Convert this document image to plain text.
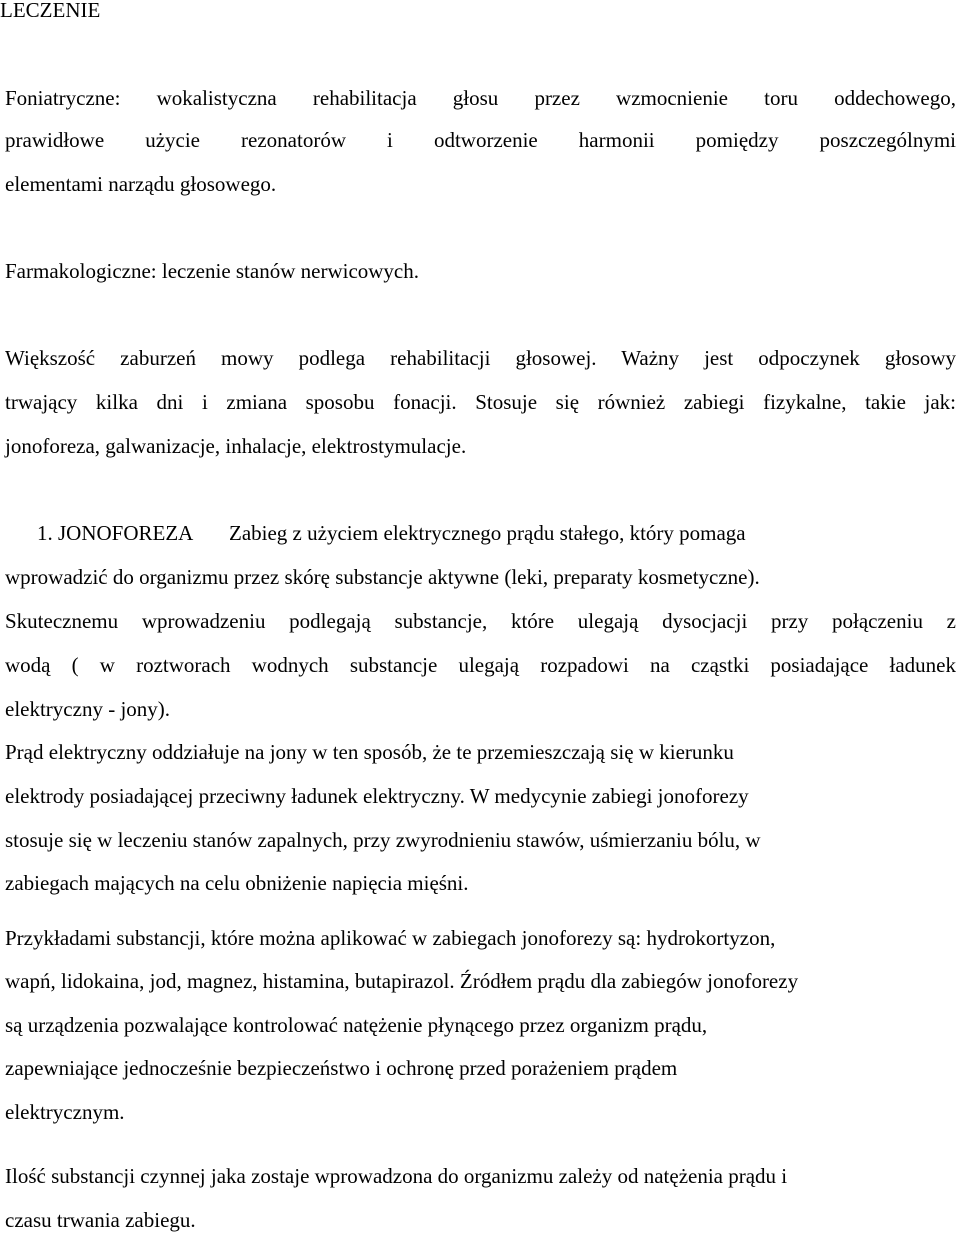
LECZENIE

Foniatryczne: wokalistyczna rehabilitacja głosu przez wzmocnienie toru oddechowego,

prawidłowe użycie rezonatorów i odtworzenie harmonii pomiędzy poszczególnymi

elementami narządu głosowego.

Farmakologiczne: leczenie stanów nerwicowych.

Większość zaburzeń mowy podlega rehabilitacji głosowej. Ważny jest odpoczynek głosowy

trwający kilka dni i zmiana sposobu fonacji. Stosuje się również zabiegi fizykalne, takie jak:

jonoforeza, galwanizacje, inhalacje, elektrostymulacje.

1. JONOFOREZA Zabieg z użyciem elektrycznego prądu stałego, który pomaga

wprowadzić do organizmu przez skórę substancje aktywne (leki, preparaty kosmetyczne).

Skutecznemu wprowadzeniu podlegają substancje, które ulegają dysocjacji przy połączeniu z

wodą ( w roztworach wodnych substancje ulegają rozpadowi na cząstki posiadające ładunek

elektryczny - jony).

Prąd elektryczny oddziałuje na jony w ten sposób, że te przemieszczają się w kierunku

elektrody posiadającej przeciwny ładunek elektryczny. W medycynie zabiegi jonoforezy

stosuje się w leczeniu stanów zapalnych, przy zwyrodnieniu stawów, uśmierzaniu bólu, w

zabiegach mających na celu obniżenie napięcia mięśni.

Przykładami substancji, które można aplikować w zabiegach jonoforezy są: hydrokortyzon,

wapń, lidokaina, jod, magnez, histamina, butapirazol. Źródłem prądu dla zabiegów jonoforezy

są urządzenia pozwalające kontrolować natężenie płynącego przez organizm prądu,

zapewniające jednocześnie bezpieczeństwo i ochronę przed porażeniem prądem

elektrycznym.

Ilość substancji czynnej jaka zostaje wprowadzona do organizmu zależy od natężenia prądu i

czasu trwania zabiegu.
